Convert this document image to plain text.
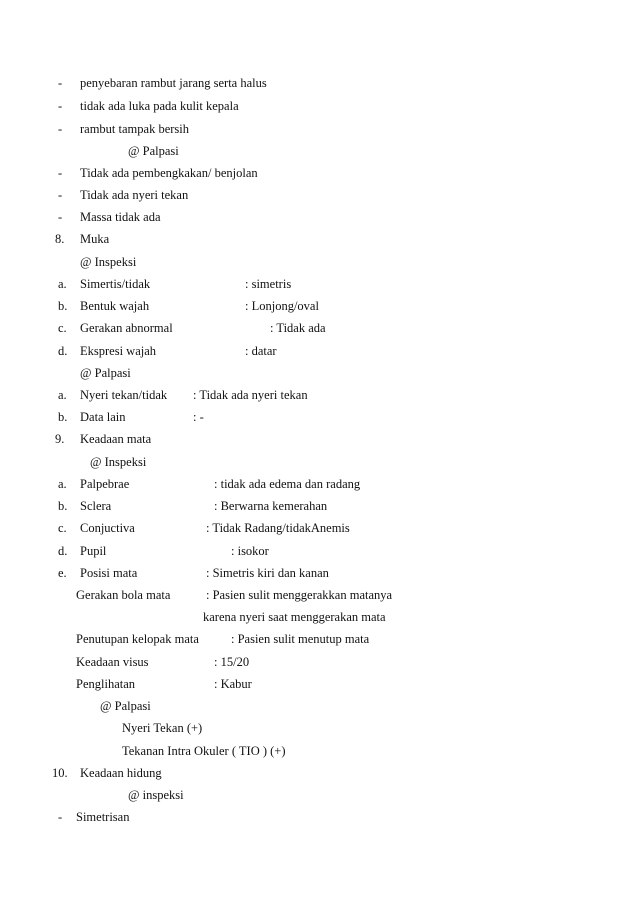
- penyebaran rambut jarang serta halus
- tidak ada luka pada kulit kepala
- rambut tampak bersih
@ Palpasi
- Tidak ada pembengkakan/ benjolan
- Tidak ada nyeri tekan
- Massa tidak ada
8. Muka
@ Inspeksi
a. Simertis/tidak	: simetris
b. Bentuk wajah	: Lonjong/oval
c. Gerakan abnormal	: Tidak ada
d. Ekspresi wajah	: datar
@ Palpasi
a. Nyeri tekan/tidak : Tidak ada nyeri tekan
b. Data lain	: -
9. Keadaan mata
@ Inspeksi
a. Palpebrae	: tidak ada edema dan radang
b. Sclera	: Berwarna kemerahan
c. Conjuctiva	: Tidak Radang/tidakAnemis
d. Pupil	: isokor
e. Posisi mata	: Simetris kiri dan kanan
Gerakan bola mata	: Pasien sulit menggerakkan matanya
karena nyeri saat menggerakan mata
Penutupan kelopak mata	: Pasien sulit menutup mata
Keadaan visus	: 15/20
Penglihatan	: Kabur
@ Palpasi
Nyeri Tekan (+)
Tekanan Intra Okuler ( TIO ) (+)
10. Keadaan hidung
@ inspeksi
- Simetrisan
